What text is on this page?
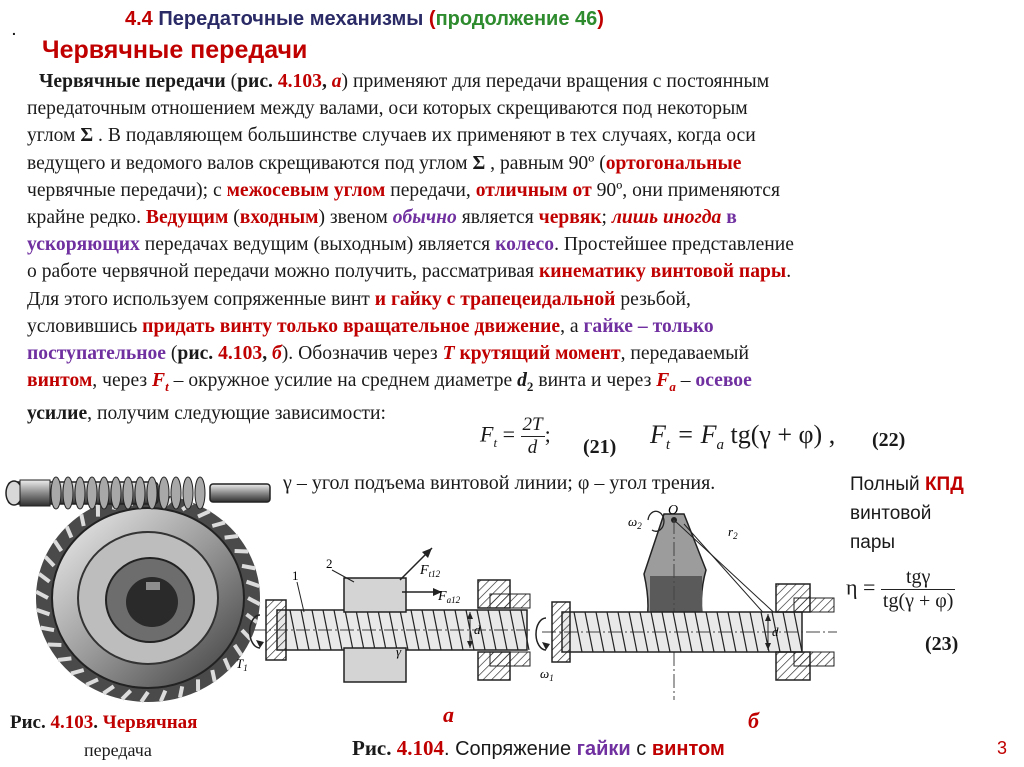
.	4.4 Передаточные механизмы (продолжение 46)
Червячные передачи
Червячные передачи (рис. 4.103, а) применяют для передачи вращения с постоянным
передаточным отношением между валами, оси которых скрещиваются под некоторым
углом Σ . В подавляющем большинстве случаев их применяют в тех случаях, когда оси
ведущего и ведомого валов скрещиваются под углом Σ , равным 90º (ортогональные
червячные передачи); с межосевым углом передачи, отличным от 90º, они применяются
крайне редко. Ведущим (входным) звеном обычно является червяк; лишь иногда в
ускоряющих передачах ведущим (выходным) является колесо. Простейшее представление
о работе червячной передачи можно получить, рассматривая кинематику винтовой пары.
Для этого используем сопряженные винт и гайку с трапецеидальной резьбой,
условившись придать винту только вращательное движение, а гайке – только
поступательное (рис. 4.103, б). Обозначив через T крутящий момент, передаваемый
винтом, через $F_t$ – окружное усилие на среднем диаметре $d_2$ винта и через $F_a$ – осевое
усилие, получим следующие зависимости:
$F_t = \frac{2T}{d}$ ;
(21) $F_t = F_a$ tg(γ + φ) , (22)
γ – угол подъема винтовой линии; φ – угол трения.	Полный КПД
винтовой
пары
$\eta = \frac{\text{tgγ}}{tg(\gamma + \varphi)}$
(23)
1
2	$F_{t12}$
$F_{a12}$
d
γ
$T_1$
$\omega_2$
O
$r_2$
$\omega_1$
d
а	б
Рис. 4.103. Червячная
передача	Рис. 4.104. Сопряжение гайки с винтом	3
